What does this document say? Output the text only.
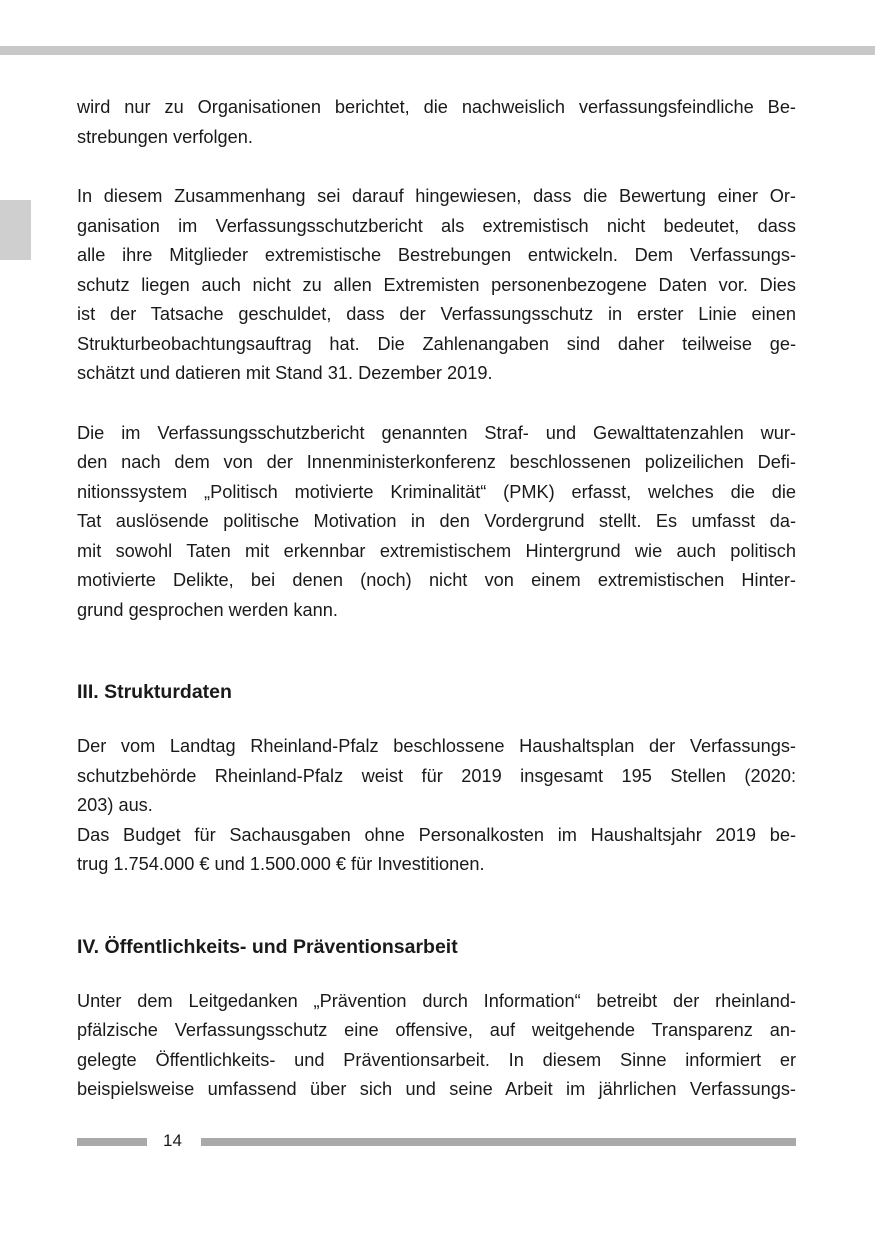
wird nur zu Organisationen berichtet, die nachweislich verfassungsfeindliche Be-
strebungen verfolgen.

In diesem Zusammenhang sei darauf hingewiesen, dass die Bewertung einer Or-
ganisation im Verfassungsschutzbericht als extremistisch nicht bedeutet, dass
alle ihre Mitglieder extremistische Bestrebungen entwickeln. Dem Verfassungs-
schutz liegen auch nicht zu allen Extremisten personenbezogene Daten vor. Dies
ist der Tatsache geschuldet, dass der Verfassungsschutz in erster Linie einen
Strukturbeobachtungsauftrag hat. Die Zahlenangaben sind daher teilweise ge-
schätzt und datieren mit Stand 31. Dezember 2019.

Die im Verfassungsschutzbericht genannten Straf- und Gewalttatenzahlen wur-
den nach dem von der Innenministerkonferenz beschlossenen polizeilichen Defi-
nitionssystem „Politisch motivierte Kriminalität“ (PMK) erfasst, welches die die
Tat auslösende politische Motivation in den Vordergrund stellt. Es umfasst da-
mit sowohl Taten mit erkennbar extremistischem Hintergrund wie auch politisch
motivierte Delikte, bei denen (noch) nicht von einem extremistischen Hinter-
grund gesprochen werden kann.

III. Strukturdaten

Der vom Landtag Rheinland-Pfalz beschlossene Haushaltsplan der Verfassungs-
schutzbehörde Rheinland-Pfalz weist für 2019 insgesamt 195 Stellen (2020:
203) aus.

Das Budget für Sachausgaben ohne Personalkosten im Haushaltsjahr 2019 be-
trug 1.754.000 € und 1.500.000 € für Investitionen.

IV. Öffentlichkeits- und Präventionsarbeit

Unter dem Leitgedanken „Prävention durch Information“ betreibt der rheinland-
pfälzische Verfassungsschutz eine offensive, auf weitgehende Transparenz an-
gelegte Öffentlichkeits- und Präventionsarbeit. In diesem Sinne informiert er
beispielsweise umfassend über sich und seine Arbeit im jährlichen Verfassungs-

14
